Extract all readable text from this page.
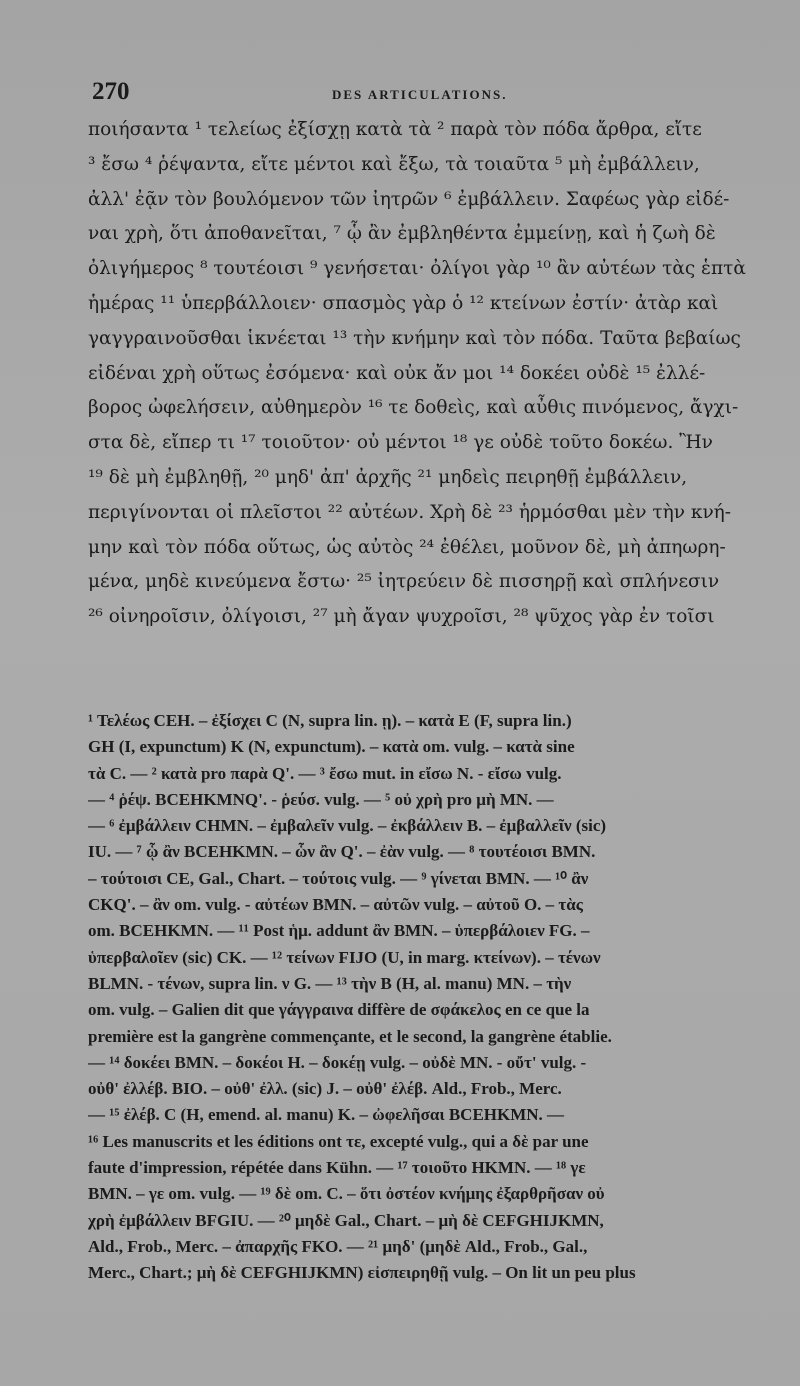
270	DES ARTICULATIONS.
ποιήσαντα ¹ τελείως ἐξίσχῃ κατὰ τὰ ² παρὰ τὸν πόδα ἄρθρα, εἴτε
³ ἔσω ⁴ ῥέψαντα, εἴτε μέντοι καὶ ἔξω, τὰ τοιαῦτα ⁵ μὴ ἐμβάλλειν,
ἀλλ' ἐᾷν τὸν βουλόμενον τῶν ἰητρῶν ⁶ ἐμβάλλειν. Σαφέως γὰρ εἰδέ-
ναι χρὴ, ὅτι ἀποθανεῖται, ⁷ ᾧ ἂν ἐμβληθέντα ἐμμείνῃ, καὶ ἡ ζωὴ δὲ
ὀλιγήμερος ⁸ τουτέοισι ⁹ γενήσεται· ὀλίγοι γὰρ ¹⁰ ἂν αὐτέων τὰς ἑπτὰ
ἡμέρας ¹¹ ὑπερβάλλοιεν· σπασμὸς γὰρ ὁ ¹² κτείνων ἐστίν· ἀτὰρ καὶ
γαγγραινοῦσθαι ἱκνέεται ¹³ τὴν κνήμην καὶ τὸν πόδα. Ταῦτα βεβαίως
εἰδέναι χρὴ οὕτως ἐσόμενα· καὶ οὐκ ἄν μοι ¹⁴ δοκέει οὐδὲ ¹⁵ ἐλλέ-
βορος ὠφελήσειν, αὐθημερὸν ¹⁶ τε δοθεὶς, καὶ αὖθις πινόμενος, ἄγχι-
στα δὲ, εἴπερ τι ¹⁷ τοιοῦτον· οὐ μέντοι ¹⁸ γε οὐδὲ τοῦτο δοκέω. Ἢν
¹⁹ δὲ μὴ ἐμβληθῇ, ²⁰ μηδ' ἀπ' ἀρχῆς ²¹ μηδεὶς πειρηθῇ ἐμβάλλειν,
περιγίνονται οἱ πλεῖστοι ²² αὐτέων. Χρὴ δὲ ²³ ἡρμόσθαι μὲν τὴν κνή-
μην καὶ τὸν πόδα οὕτως, ὡς αὐτὸς ²⁴ ἐθέλει, μοῦνον δὲ, μὴ ἀπηωρη-
μένα, μηδὲ κινεύμενα ἔστω· ²⁵ ἰητρεύειν δὲ πισσηρῇ καὶ σπλήνεσιν
²⁶ οἰνηροῖσιν, ὀλίγοισι, ²⁷ μὴ ἄγαν ψυχροῖσι, ²⁸ ψῦχος γὰρ ἐν τοῖσι
¹ Τελέως CEH. – ἐξίσχει C (N, supra lin. ῃ). – κατὰ E (F, supra lin.)
GH (I, expunctum) K (N, expunctum). – κατὰ om. vulg. – κατὰ sine
τὰ C. — ² κατὰ pro παρὰ Q'. — ³ ἔσω mut. in εἴσω N. - εἴσω vulg.
— ⁴ ῥέψ. BCEHKMNQ'. - ῥεύσ. vulg. — ⁵ οὐ χρὴ pro μὴ MN. —
— ⁶ ἐμβάλλειν CHMN. – ἐμβαλεῖν vulg. – ἐκβάλλειν B. – ἐμβαλλεῖν (sic)
IU. — ⁷ ᾧ ἂν BCEHKMN. – ὧν ἂν Q'. – ἐὰν vulg. — ⁸ τουτέοισι BMN.
– τούτοισι CE, Gal., Chart. – τούτοις vulg. — ⁹ γίνεται BMN. — ¹⁰ ἂν
CKQ'. – ἂν om. vulg. - αὐτέων BMN. – αὐτῶν vulg. – αὐτοῦ O. – τὰς
om. BCEHKMN. — ¹¹ Post ἡμ. addunt ἂν BMN. – ὑπερβάλοιεν FG. –
ὑπερβαλοῖεν (sic) CK. — ¹² τείνων FIJO (U, in marg. κτείνων). – τένων
BLMN. - τένων, supra lin. ν G. — ¹³ τὴν B (H, al. manu) MN. – τὴν
om. vulg. – Galien dit que γάγγραινα diffère de σφάκελος en ce que la
première est la gangrène commençante, et le second, la gangrène établie.
— ¹⁴ δοκέει BMN. – δοκέοι H. – δοκέῃ vulg. – οὐδὲ MN. - οὔτ' vulg. -
οὐθ' ἐλλέβ. BIO. – οὐθ' ἐλλ. (sic) J. – οὐθ' ἐλέβ. Ald., Frob., Merc.
— ¹⁵ ἐλέβ. C (H, emend. al. manu) K. – ὠφελῆσαι BCEHKMN. —
¹⁶ Les manuscrits et les éditions ont τε, excepté vulg., qui a δὲ par une
faute d'impression, répétée dans Kühn. — ¹⁷ τοιοῦτο HKMN. — ¹⁸ γε
BMN. – γε om. vulg. — ¹⁹ δὲ om. C. – ὅτι ὀστέον κνήμης ἐξαρθρῆσαν οὐ
χρὴ ἐμβάλλειν BFGIU. — ²⁰ μηδὲ Gal., Chart. – μὴ δὲ CEFGHIJKMN,
Ald., Frob., Merc. – ἀπαρχῆς FKO. — ²¹ μηδ' (μηδὲ Ald., Frob., Gal.,
Merc., Chart.; μὴ δὲ CEFGHIJKMN) εἰσπειρηθῇ vulg. – On lit un peu plus
